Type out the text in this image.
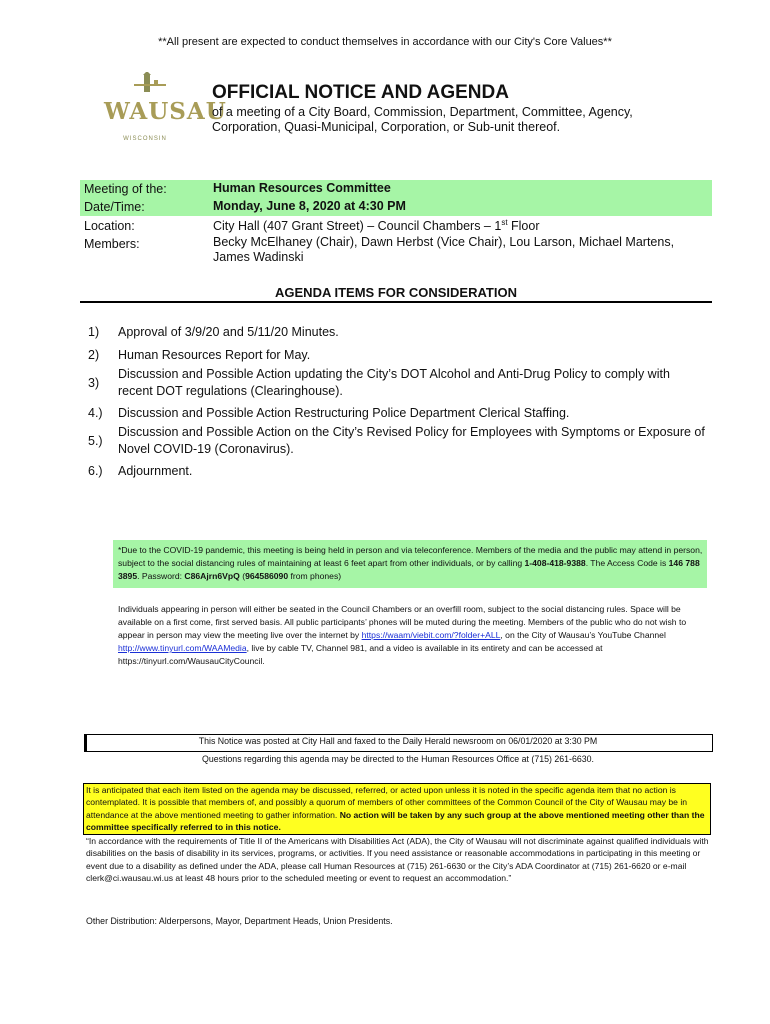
**All present are expected to conduct themselves in accordance with our City's Core Values**
WAUSAU
WISCONSIN
OFFICIAL NOTICE AND AGENDA
of a meeting of a City Board, Commission, Department, Committee, Agency, Corporation, Quasi-Municipal, Corporation, or Sub-unit thereof.
Meeting of the:	Human Resources Committee
Date/Time:	Monday, June 8, 2020 at 4:30 PM
Location:	City Hall (407 Grant Street) – Council Chambers – 1st Floor
Members:	Becky McElhaney (Chair), Dawn Herbst (Vice Chair), Lou Larson, Michael Martens, James Wadinski
AGENDA ITEMS FOR CONSIDERATION
1)	Approval of 3/9/20 and 5/11/20 Minutes.
2)	Human Resources Report for May.
3)
Discussion and Possible Action updating the City’s DOT Alcohol and Anti-Drug Policy to comply with recent DOT regulations (Clearinghouse).
4.)	Discussion and Possible Action Restructuring Police Department Clerical Staffing.
5.)
Discussion and Possible Action on the City’s Revised Policy for Employees with Symptoms or Exposure of Novel COVID-19 (Coronavirus).
6.)	Adjournment.
*Due to the COVID-19 pandemic, this meeting is being held in person and via teleconference. Members of the media and the public may attend in person, subject to the social distancing rules of maintaining at least 6 feet apart from other individuals, or by calling 1-408-418-9388. The Access Code is 146 788 3895. Password: C86Ajrn6VpQ (964586090 from phones)
Individuals appearing in person will either be seated in the Council Chambers or an overfill room, subject to the social distancing rules. Space will be available on a first come, first served basis. All public participants’ phones will be muted during the meeting. Members of the public who do not wish to appear in person may view the meeting live over the internet by https://waam/viebit.com/?folder+ALL, on the City of Wausau’s YouTube Channel http://www.tinyurl.com/WAAMedia, live by cable TV, Channel 981, and a video is available in its entirety and can be accessed at https://tinyurl.com/WausauCityCouncil.
This Notice was posted at City Hall and faxed to the Daily Herald newsroom on 06/01/2020 at 3:30 PM
Questions regarding this agenda may be directed to the Human Resources Office at (715) 261-6630.
It is anticipated that each item listed on the agenda may be discussed, referred, or acted upon unless it is noted in the specific agenda item that no action is contemplated. It is possible that members of, and possibly a quorum of members of other committees of the Common Council of the City of Wausau may be in attendance at the above mentioned meeting to gather information. No action will be taken by any such group at the above mentioned meeting other than the committee specifically referred to in this notice.
“In accordance with the requirements of Title II of the Americans with Disabilities Act (ADA), the City of Wausau will not discriminate against qualified individuals with disabilities on the basis of disability in its services, programs, or activities. If you need assistance or reasonable accommodations in participating in this meeting or event due to a disability as defined under the ADA, please call Human Resources at (715) 261-6630 or the City’s ADA Coordinator at (715) 261-6620 or e-mail clerk@ci.wausau.wi.us at least 48 hours prior to the scheduled meeting or event to request an accommodation.”
Other Distribution: Alderpersons, Mayor, Department Heads, Union Presidents.
